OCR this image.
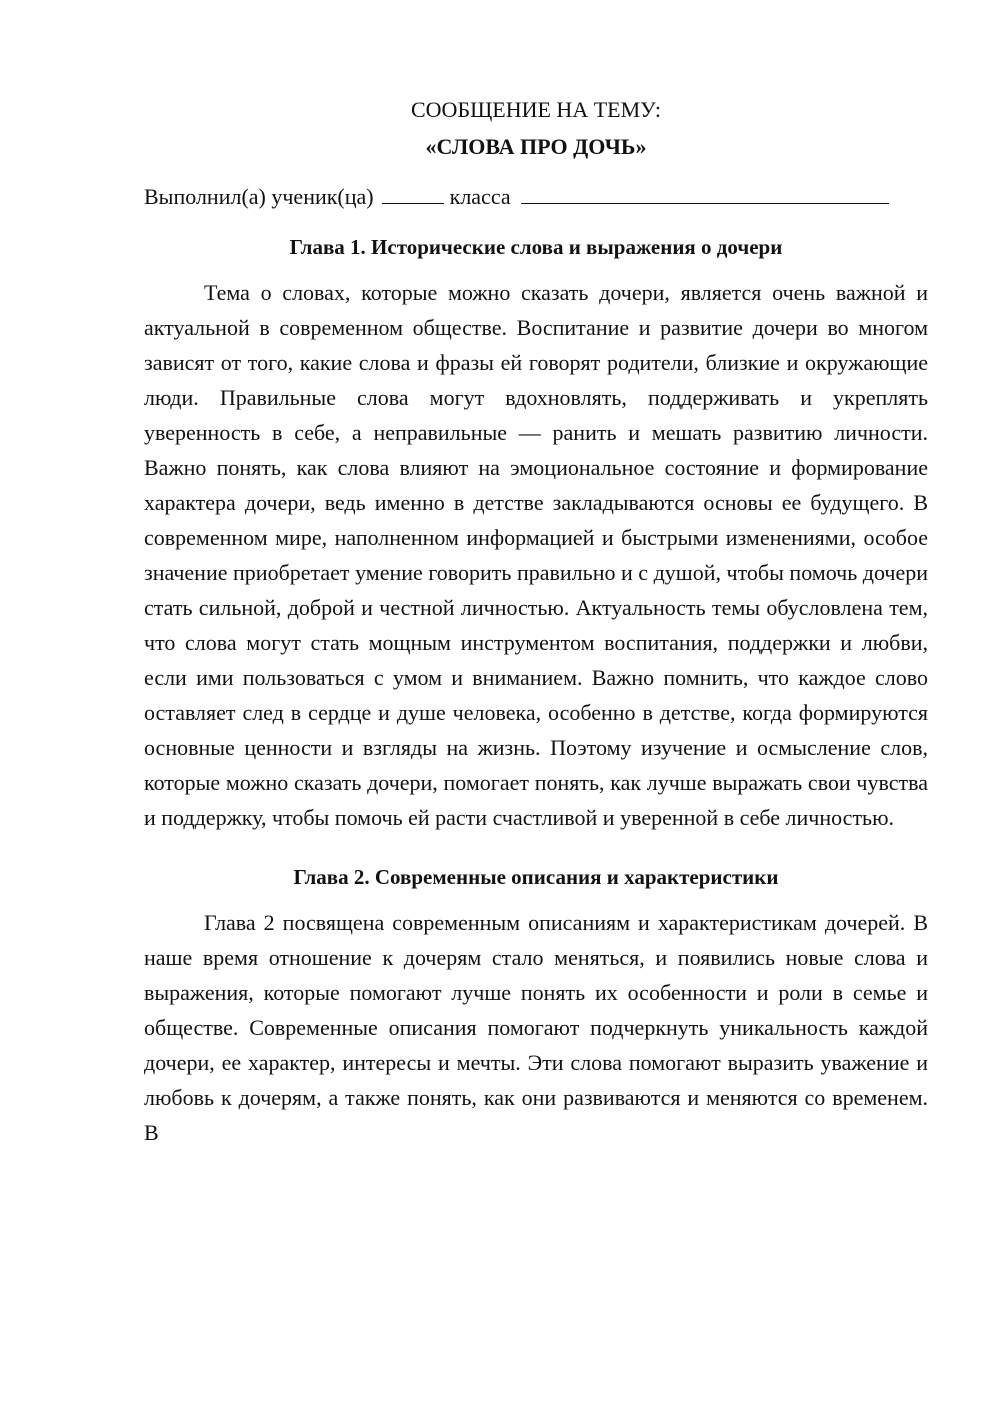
СООБЩЕНИЕ НА ТЕМУ:

«СЛОВА ПРО ДОЧЬ»

Выполнил(а) ученик(ца)	класса
Глава 1. Исторические слова и выражения о дочери

Тема о словах, которые можно сказать дочери, является очень важной и актуальной в современном обществе. Воспитание и развитие дочери во многом зависят от того, какие слова и фразы ей говорят родители, близкие и окружающие люди. Правильные слова могут вдохновлять, поддерживать и укреплять уверенность в себе, а неправильные — ранить и мешать развитию личности. Важно понять, как слова влияют на эмоциональное состояние и формирование характера дочери, ведь именно в детстве закладываются основы ее будущего. В современном мире, наполненном информацией и быстрыми изменениями, особое значение приобретает умение говорить правильно и с душой, чтобы помочь дочери стать сильной, доброй и честной личностью. Актуальность темы обусловлена тем, что слова могут стать мощным инструментом воспитания, поддержки и любви, если ими пользоваться с умом и вниманием. Важно помнить, что каждое слово оставляет след в сердце и душе человека, особенно в детстве, когда формируются основные ценности и взгляды на жизнь. Поэтому изучение и осмысление слов, которые можно сказать дочери, помогает понять, как лучше выражать свои чувства и поддержку, чтобы помочь ей расти счастливой и уверенной в себе личностью.

Глава 2. Современные описания и характеристики

Глава 2 посвящена современным описаниям и характеристикам дочерей. В наше время отношение к дочерям стало меняться, и появились новые слова и выражения, которые помогают лучше понять их особенности и роли в семье и обществе. Современные описания помогают подчеркнуть уникальность каждой дочери, ее характер, интересы и мечты. Эти слова помогают выразить уважение и любовь к дочерям, а также понять, как они развиваются и меняются со временем. В
